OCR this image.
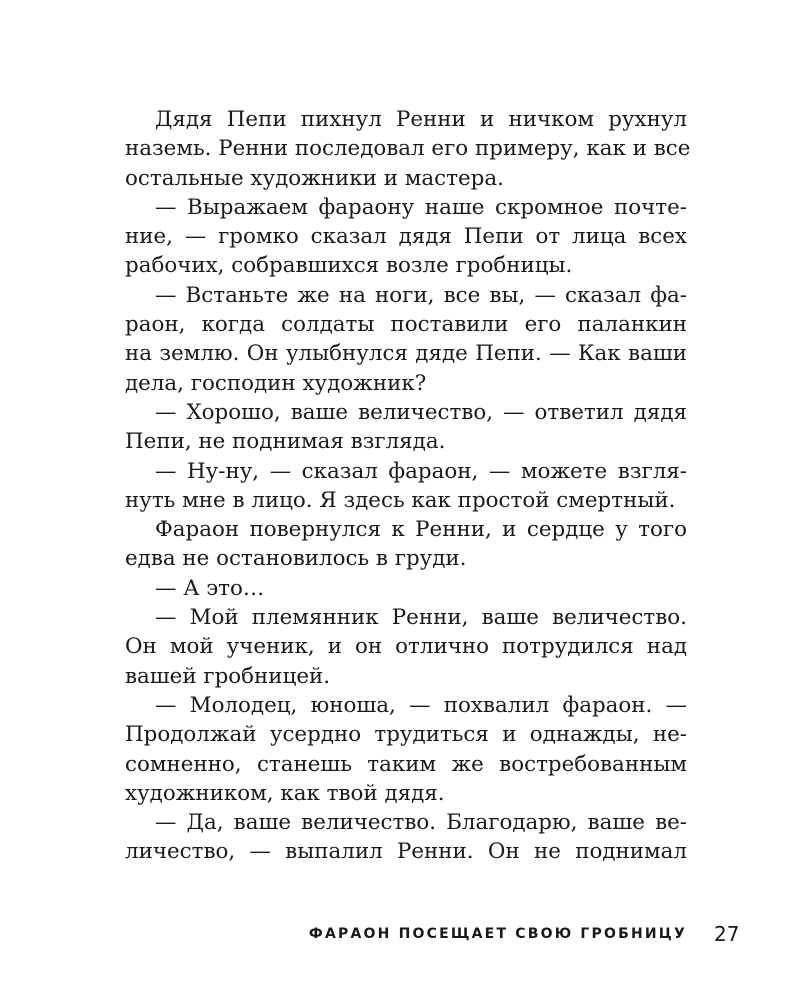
Дядя Пепи пихнул Ренни и ничком рухнул
наземь. Ренни последовал его примеру, как и все
остальные художники и мастера.
— Выражаем фараону наше скромное почте-
ние, — громко сказал дядя Пепи от лица всех
рабочих, собравшихся возле гробницы.
— Встаньте же на ноги, все вы, — сказал фа-
раон, когда солдаты поставили его паланкин
на землю. Он улыбнулся дяде Пепи. — Как ваши
дела, господин художник?
— Хорошо, ваше величество, — ответил дядя
Пепи, не поднимая взгляда.
— Ну-ну, — сказал фараон, — можете взгля-
нуть мне в лицо. Я здесь как простой смертный.
Фараон повернулся к Ренни, и сердце у того
едва не остановилось в груди.
— А это…
— Мой племянник Ренни, ваше величество.
Он мой ученик, и он отлично потрудился над
вашей гробницей.
— Молодец, юноша, — похвалил фараон. —
Продолжай усердно трудиться и однажды, не-
сомненно, станешь таким же востребованным
художником, как твой дядя.
— Да, ваше величество. Благодарю, ваше ве-
личество, — выпалил Ренни. Он не поднимал
ФАРАОН ПОСЕЩАЕТ СВОЮ ГРОБНИЦУ 27
